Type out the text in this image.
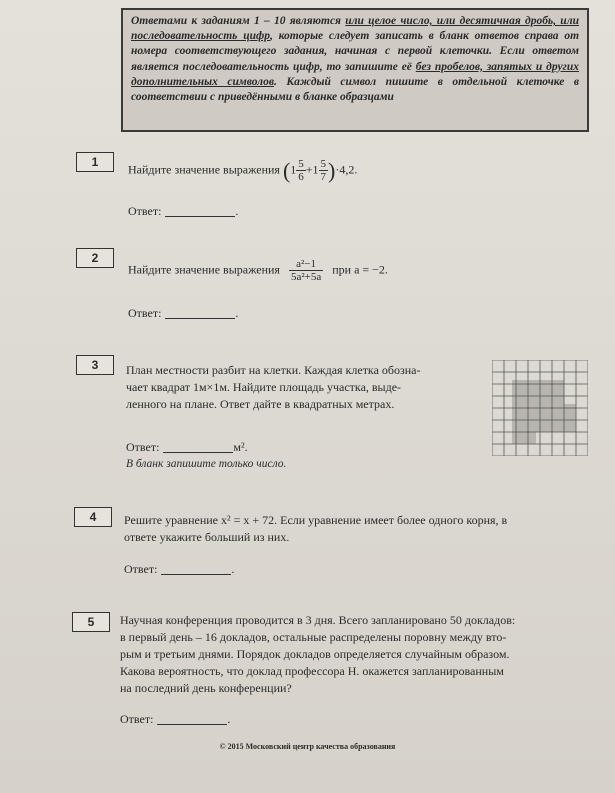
Ответами к заданиям 1 – 10 являются или целое число, или десятичная дробь, или последовательность цифр, которые следует записать в бланк ответов справа от номера соответствующего задания, начиная с первой клеточки. Если ответом является последовательность цифр, то запишите её без пробелов, запятых и других дополнительных символов. Каждый символ пишите в отдельной клеточке в соответствии с приведёнными в бланке образцами
1
Найдите значение выражения $(1 \frac{5}{6} +1 \frac{5}{7} )\cdot 4,2$.
Ответ:	.
2
Найдите значение выражения $\frac{\text{a²−1}}{\text{5a²+5a}}$ при a = −2.
Ответ:	.
3	План местности разбит на клетки. Каждая клетка обозна-
чает квадрат 1м×1м. Найдите площадь участка, выде-
ленного на плане. Ответ дайте в квадратных метрах.
Ответ:	м².
В бланк запишите только число.
4	Решите уравнение x² = x + 72. Если уравнение имеет более одного корня, в
ответе укажите больший из них.
Ответ:	.
5	Научная конференция проводится в 3 дня. Всего запланировано 50 докладов:
в первый день – 16 докладов, остальные распределены поровну между вто-
рым и третьим днями. Порядок докладов определяется случайным образом.
Какова вероятность, что доклад профессора Н. окажется запланированным
на последний день конференции?
Ответ:	.
© 2015 Московский центр качества образования
